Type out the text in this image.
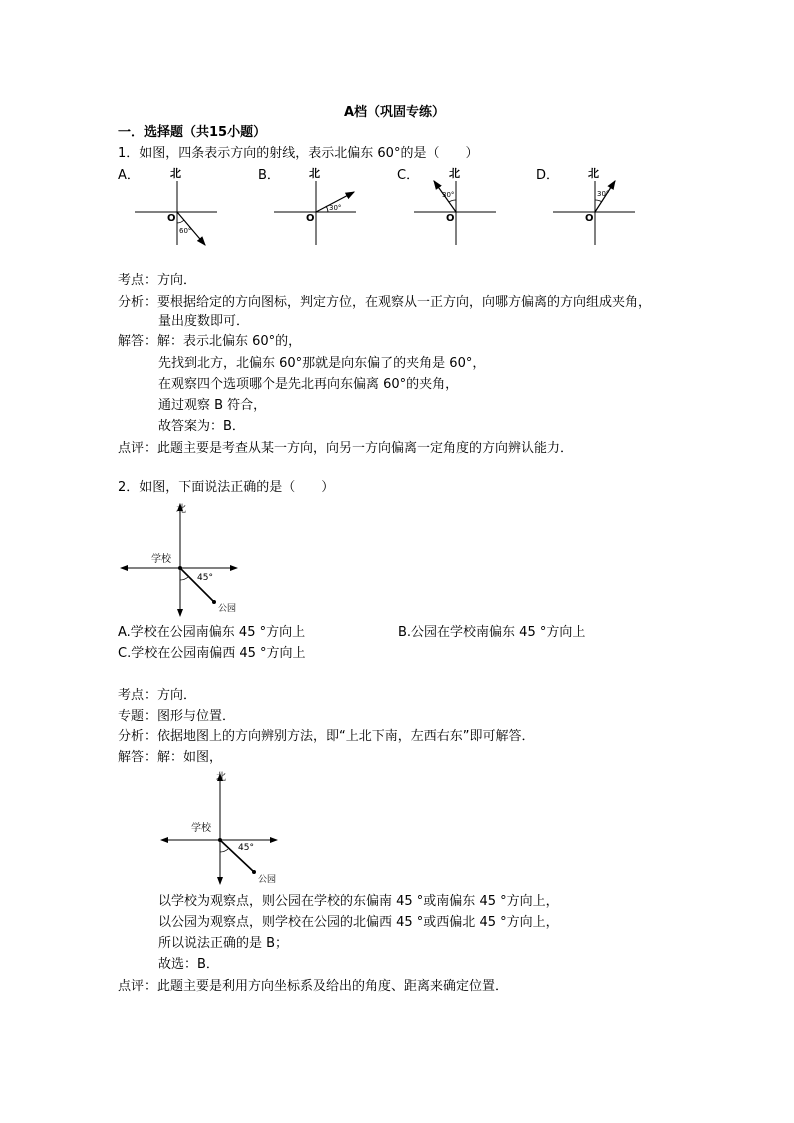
A档（巩固专练）
一．选择题（共15小题）
1．如图，四条表示方向的射线，表示北偏东 60°的是（　　）
A．	B．	C．	D．
北
O
60°
北
O
30°
北
O
30°
北
O
30°
考点：方向．
分析：要根据给定的方向图标，判定方位，在观察从一正方向，向哪方偏离的方向组成夹角，
量出度数即可．
解答：解：表示北偏东 60°的，
先找到北方，北偏东 60°那就是向东偏了的夹角是 60°，
在观察四个选项哪个是先北再向东偏离 60°的夹角，
通过观察 B 符合，
故答案为：B．
点评：此题主要是考查从某一方向，向另一方向偏离一定角度的方向辨认能力．
2．如图，下面说法正确的是（　　）
北
学校
45°
公园
A.学校在公园南偏东 45 °方向上	B.公园在学校南偏东 45 °方向上
C.学校在公园南偏西 45 °方向上
考点：方向．
专题：图形与位置．
分析：依据地图上的方向辨别方法，即“上北下南，左西右东”即可解答．
解答：解：如图，
北
学校
45°
公园
以学校为观察点，则公园在学校的东偏南 45 °或南偏东 45 °方向上，
以公园为观察点，则学校在公园的北偏西 45 °或西偏北 45 °方向上，
所以说法正确的是 B；
故选：B．
点评：此题主要是利用方向坐标系及给出的角度、距离来确定位置．
